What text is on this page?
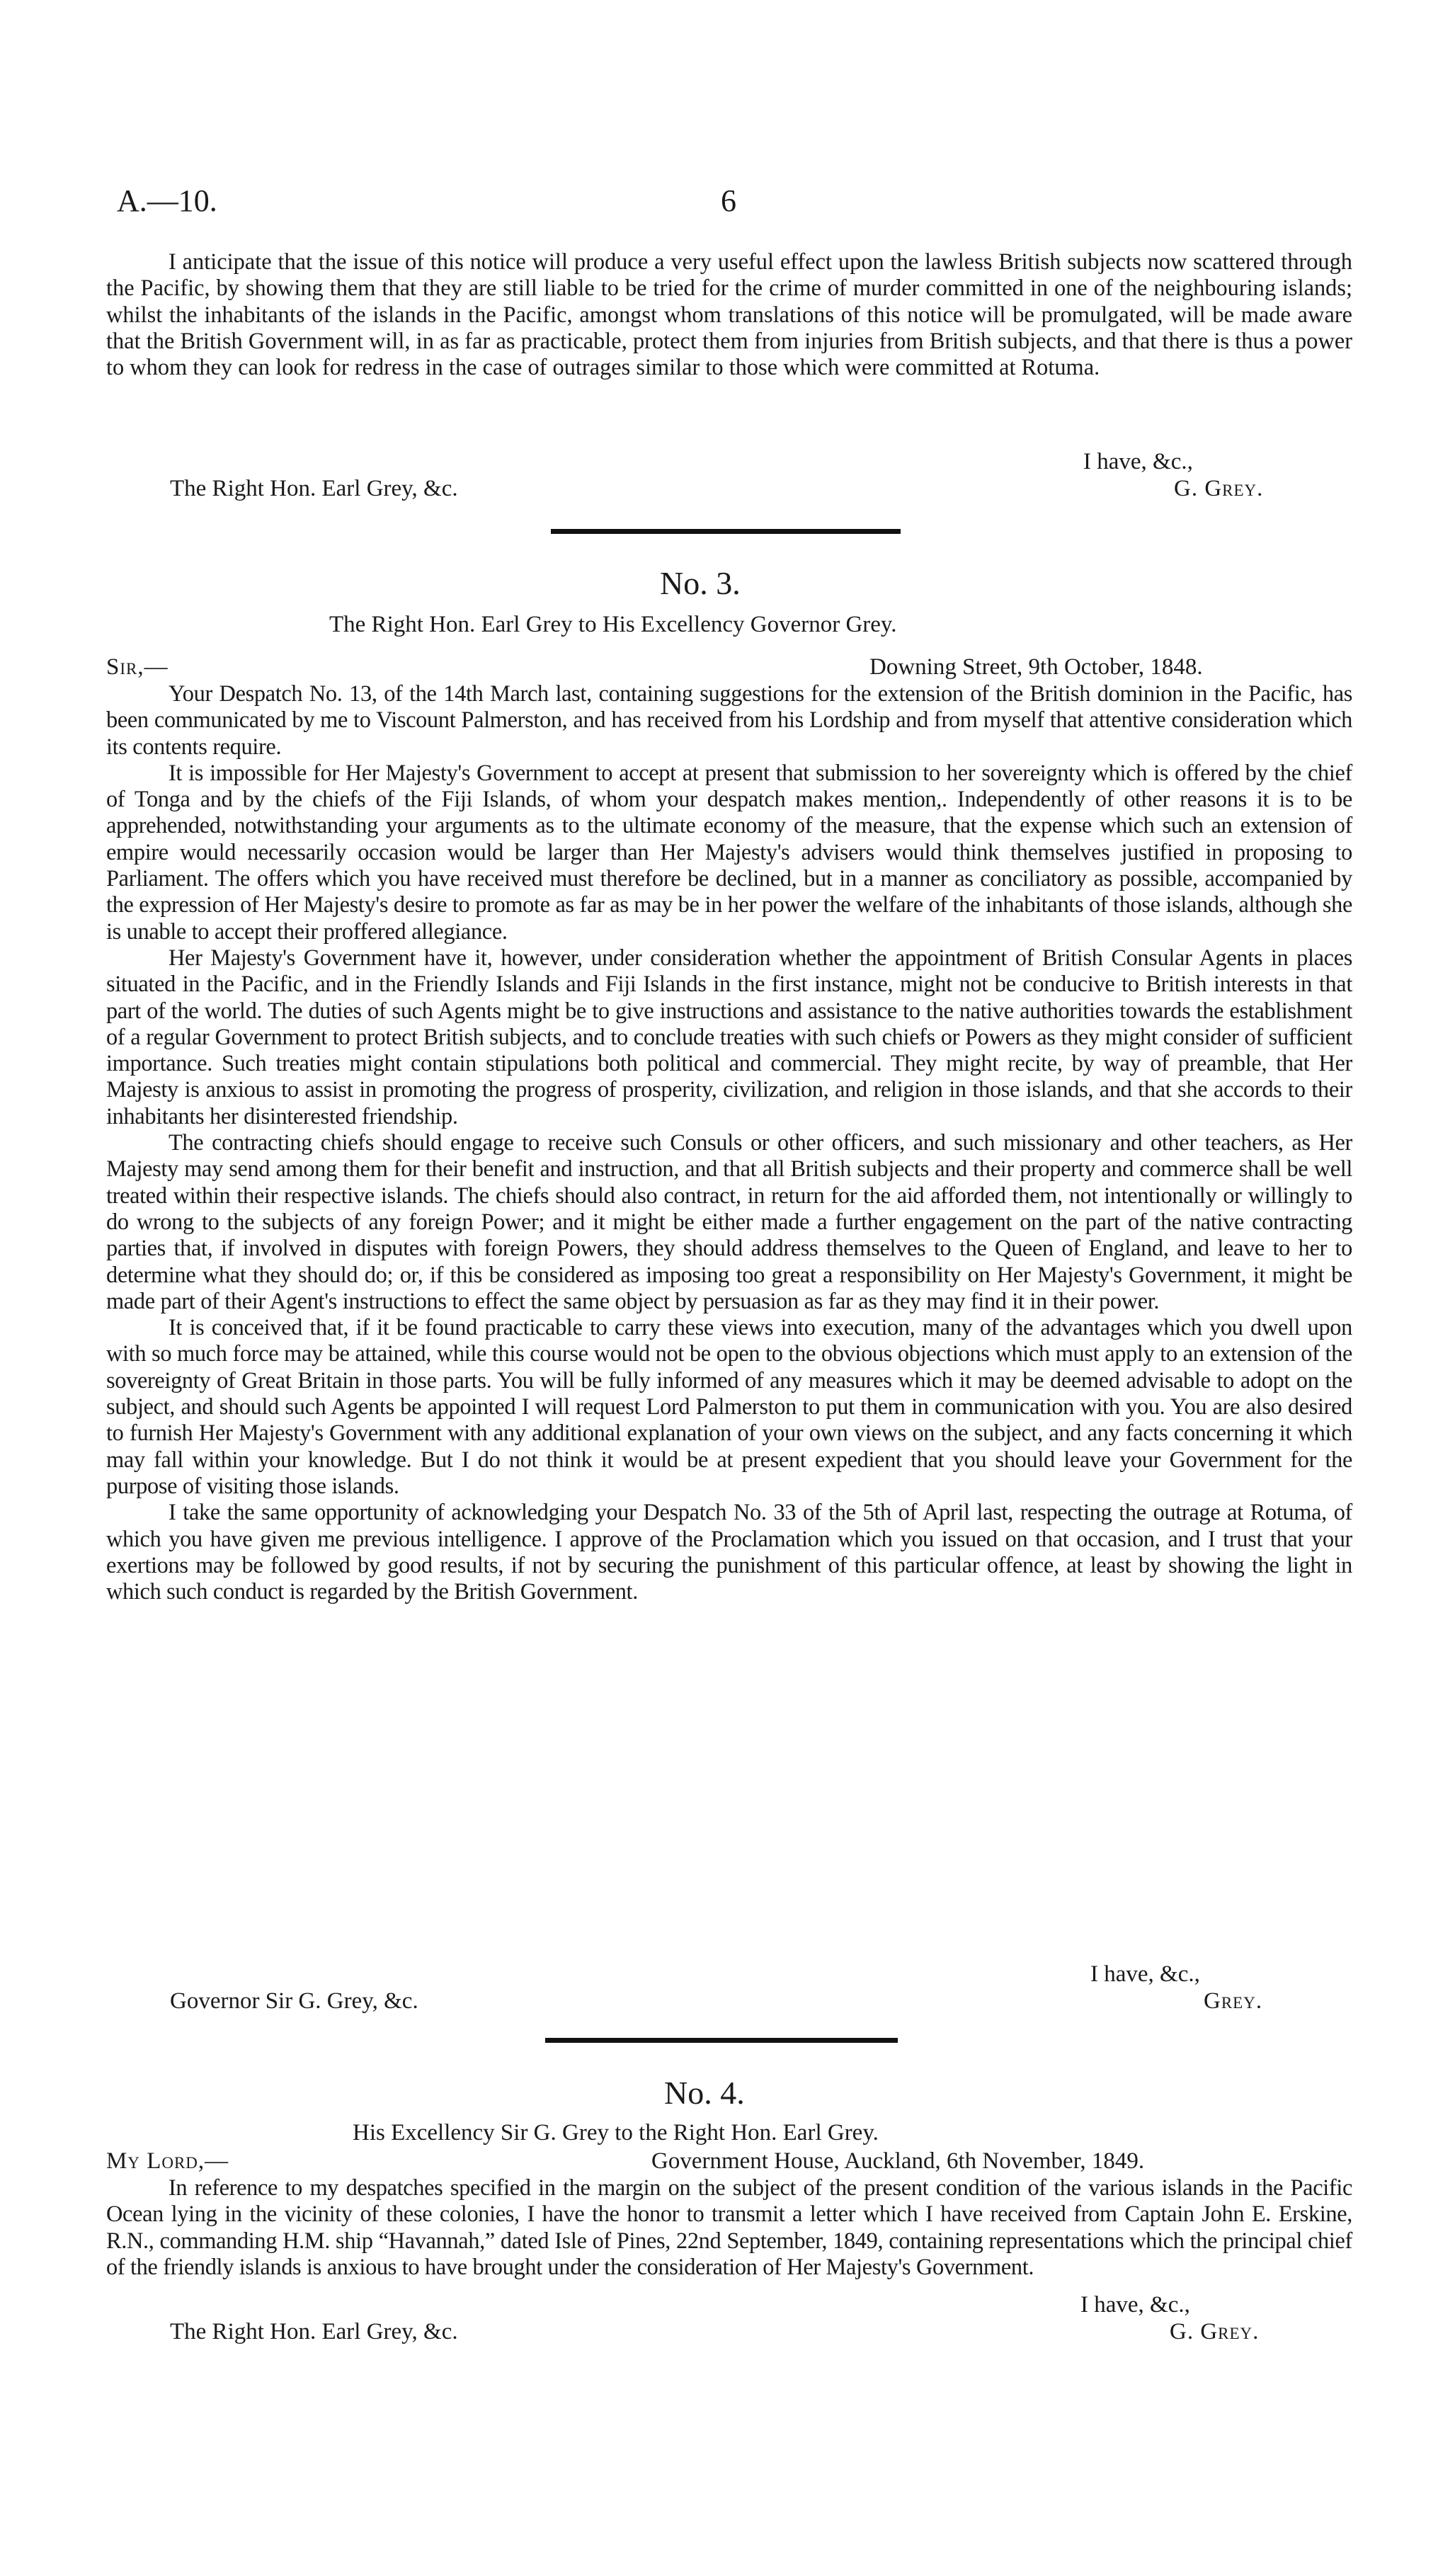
A.—10.	6

I anticipate that the issue of this notice will produce a very useful effect upon the lawless British subjects now scattered through the Pacific, by showing them that they are still liable to be tried for the crime of murder committed in one of the neighbouring islands; whilst the inhabitants of the islands in the Pacific, amongst whom translations of this notice will be promulgated, will be made aware that the British Government will, in as far as practicable, protect them from injuries from British subjects, and that there is thus a power to whom they can look for redress in the case of outrages similar to those which were committed at Rotuma.

I have, &c.,
G. Grey.
The Right Hon. Earl Grey, &c.
No. 3.
The Right Hon. Earl Grey to His Excellency Governor Grey.
Sir,—	Downing Street, 9th October, 1848.

Your Despatch No. 13, of the 14th March last, containing suggestions for the extension of the British dominion in the Pacific, has been communicated by me to Viscount Palmerston, and has received from his Lordship and from myself that attentive consideration which its contents require.

It is impossible for Her Majesty's Government to accept at present that submission to her sovereignty which is offered by the chief of Tonga and by the chiefs of the Fiji Islands, of whom your despatch makes mention,. Independently of other reasons it is to be apprehended, notwithstanding your arguments as to the ultimate economy of the measure, that the expense which such an extension of empire would necessarily occasion would be larger than Her Majesty's advisers would think themselves justified in proposing to Parliament. The offers which you have received must therefore be declined, but in a manner as conciliatory as possible, accompanied by the expression of Her Majesty's desire to promote as far as may be in her power the welfare of the inhabitants of those islands, although she is unable to accept their proffered allegiance.

Her Majesty's Government have it, however, under consideration whether the appointment of British Consular Agents in places situated in the Pacific, and in the Friendly Islands and Fiji Islands in the first instance, might not be conducive to British interests in that part of the world. The duties of such Agents might be to give instructions and assistance to the native authorities towards the establishment of a regular Government to protect British subjects, and to conclude treaties with such chiefs or Powers as they might consider of sufficient importance. Such treaties might contain stipulations both political and commercial. They might recite, by way of preamble, that Her Majesty is anxious to assist in promoting the progress of prosperity, civilization, and religion in those islands, and that she accords to their inhabitants her disinterested friendship.

The contracting chiefs should engage to receive such Consuls or other officers, and such missionary and other teachers, as Her Majesty may send among them for their benefit and instruction, and that all British subjects and their property and commerce shall be well treated within their respective islands. The chiefs should also contract, in return for the aid afforded them, not intentionally or willingly to do wrong to the subjects of any foreign Power; and it might be either made a further engagement on the part of the native contracting parties that, if involved in disputes with foreign Powers, they should address themselves to the Queen of England, and leave to her to determine what they should do; or, if this be considered as imposing too great a responsibility on Her Majesty's Government, it might be made part of their Agent's instructions to effect the same object by persuasion as far as they may find it in their power.

It is conceived that, if it be found practicable to carry these views into execution, many of the advantages which you dwell upon with so much force may be attained, while this course would not be open to the obvious objections which must apply to an extension of the sovereignty of Great Britain in those parts. You will be fully informed of any measures which it may be deemed advisable to adopt on the subject, and should such Agents be appointed I will request Lord Palmerston to put them in communication with you. You are also desired to furnish Her Majesty's Government with any additional explanation of your own views on the subject, and any facts concerning it which may fall within your knowledge. But I do not think it would be at present expedient that you should leave your Government for the purpose of visiting those islands.

I take the same opportunity of acknowledging your Despatch No. 33 of the 5th of April last, respecting the outrage at Rotuma, of which you have given me previous intelligence. I approve of the Proclamation which you issued on that occasion, and I trust that your exertions may be followed by good results, if not by securing the punishment of this particular offence, at least by showing the light in which such conduct is regarded by the British Government.

I have, &c.,
Grey.
Governor Sir G. Grey, &c.
No. 4.
His Excellency Sir G. Grey to the Right Hon. Earl Grey.
My Lord,—	Government House, Auckland, 6th November, 1849.

In reference to my despatches specified in the margin on the subject of the present condition of the various islands in the Pacific Ocean lying in the vicinity of these colonies, I have the honor to transmit a letter which I have received from Captain John E. Erskine, R.N., commanding H.M. ship “Havannah,” dated Isle of Pines, 22nd September, 1849, containing representations which the principal chief of the friendly islands is anxious to have brought under the consideration of Her Majesty's Government.

I have, &c.,
G. Grey.
The Right Hon. Earl Grey, &c.
